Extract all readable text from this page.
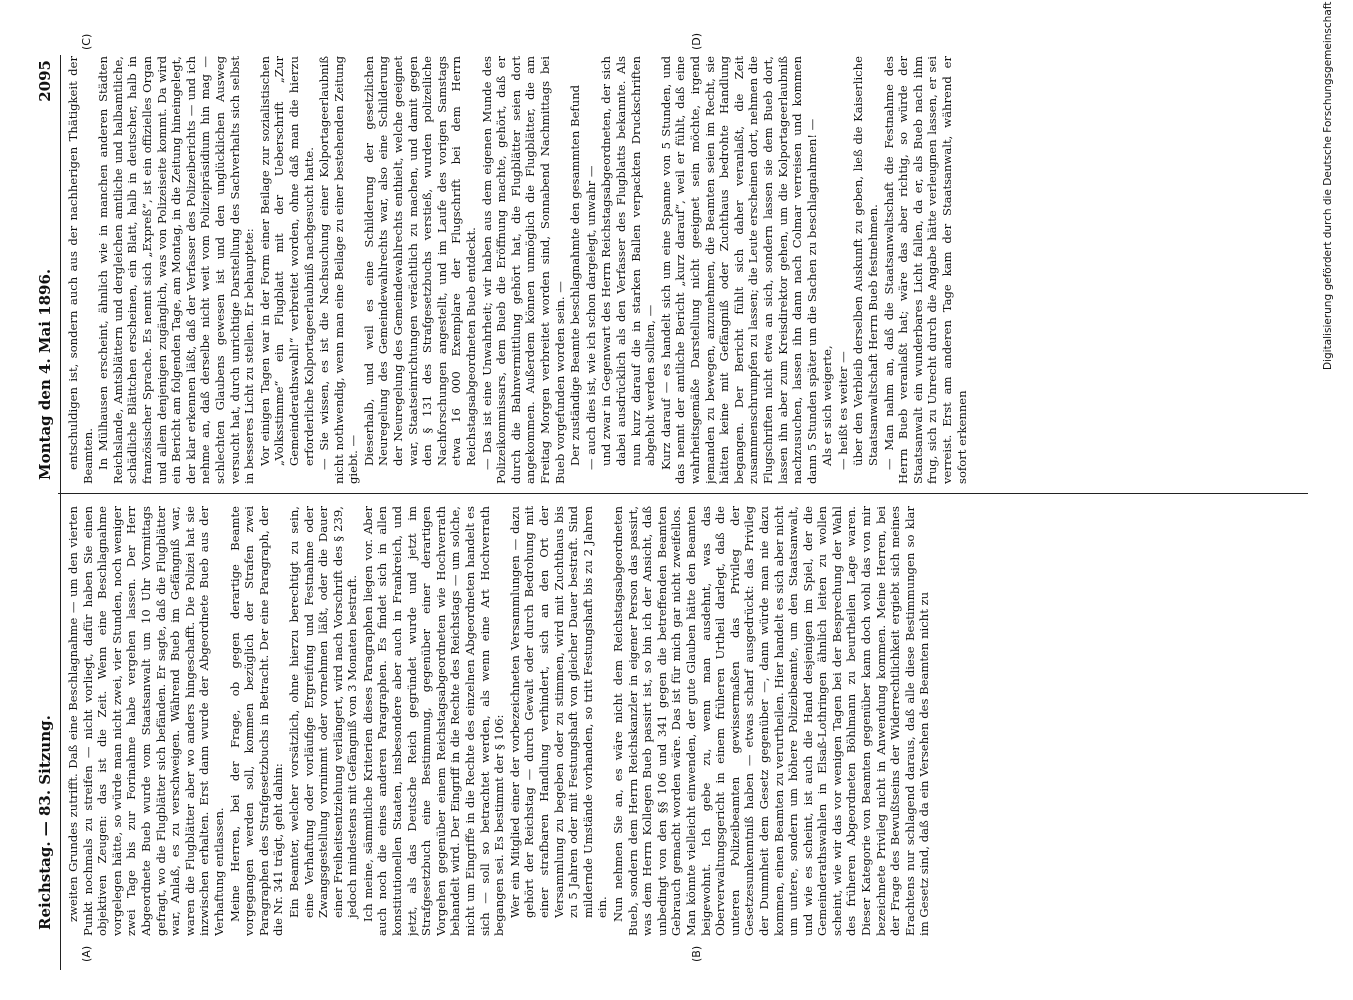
Reichstag. — 83. Sitzung.
Montag den 4. Mai 1896.
2095
(A)	(B)
(C)	(D)

zweiten Grundes zutrifft. Daß eine Beschlagnahme — um den vierten Punkt nochmals zu streifen — nicht vorliegt, dafür haben Sie einen objektiven Zeugen: das ist die Zeit. Wenn eine Beschlagnahme vorgelegen hätte, so würde man nicht zwei, vier Stunden, noch weniger zwei Tage bis zur Forinahme habe vergehen lassen. Der Herr Abgeordnete Bueb wurde vom Staatsanwalt um 10 Uhr Vormittags gefragt, wo die Flugblätter sich befänden. Er sagte, daß die Flugblätter war, Anlaß, es zu verschweigen. Während Bueb im Gefängniß war, waren die Flugblätter aber wo anders hingeschafft. Die Polizei hat sie inzwischen erhalten. Erst dann wurde der Abgeordnete Bueb aus der Verhaftung entlassen. Meine Herren, bei der Frage, ob gegen derartige Beamte vorgegangen werden soll, kommen bezüglich der Strafen zwei Paragraphen des Strafgesetzbuchs in Betracht. Der eine Paragraph, der die Nr. 341 trägt, geht dahin: Ein Beamter, welcher vorsätzlich, ohne hierzu berechtigt zu sein, eine Verhaftung oder vorläufige Ergreifung und Festnahme oder Zwangsgestellung vornimmt oder vornehmen läßt, oder die Dauer einer Freiheitsentziehung verlängert, wird nach Vorschrift des § 239, jedoch mindestens mit Gefängniß von 3 Monaten bestraft. Ich meine, sämmtliche Kriterien dieses Paragraphen liegen vor. Aber auch noch die eines anderen Paragraphen. Es findet sich in allen konstitutionellen Staaten, insbesondere aber auch in Frankreich, und jetzt, als das Deutsche Reich gegründet wurde und jetzt im Strafgesetzbuch eine Bestimmung, gegenüber einer derartigen Vorgehen gegenüber einem Reichstagsabgeordneten wie Hochverrath behandelt wird. Der Eingriff in die Rechte des Reichstags — um solche, nicht um Eingriffe in die Rechte des einzelnen Abgeordneten handelt es sich — soll so betrachtet werden, als wenn eine Art Hochverrath begangen sei. Es bestimmt der § 106: Wer ein Mitglied einer der vorbezeichneten Versammlungen — dazu gehört der Reichstag — durch Gewalt oder durch Bedrohung mit einer strafbaren Handlung verhindert, sich an den Ort der Versammlung zu begeben oder zu stimmen, wird mit Zuchthaus bis zu 5 Jahren oder mit Festungshaft von gleicher Dauer bestraft. Sind mildernde Umstände vorhanden, so tritt Festungshaft bis zu 2 Jahren ein. Nun nehmen Sie an, es wäre nicht dem Reichstagsabgeordneten Bueb, sondern dem Herrn Reichskanzler in eigener Person das passirt, was dem Herrn Kollegen Bueb passirt ist, so bin ich der Ansicht, daß unbedingt von den §§ 106 und 341 gegen die betreffenden Beamten Gebrauch gemacht worden wäre. Das ist für mich gar nicht zweifellos. Man könnte vielleicht einwenden, der gute Glauben hätte den Beamten beigewohnt. Ich gebe zu, wenn man ausdehnt, was das Oberverwaltungsgericht in einem früheren Urtheil darlegt, daß die unteren Polizeibeamten gewissermaßen das Privileg der Gesetzesunkenntniß haben — etwas scharf ausgedrückt: das Privileg der Dummheit dem Gesetz gegenüber —, dann würde man nie dazu kommen, einen Beamten zu verurtheilen. Hier handelt es sich aber nicht um untere, sondern um höhere Polizeibeamte, um den Staatsanwalt, und wie es scheint, ist auch die Hand desjenigen im Spiel, der die Gemeinderathswahlen in Elsaß-Lothringen ähnlich leiten zu wollen scheint, wie wir das vor wenigen Tagen bei der Besprechung der Wahl des früheren Abgeordneten Böhlmann zu beurtheilen Lage waren. Dieser Kategorie von Beamten gegenüber kann doch wohl das von mir bezeichnete Privileg nicht in Anwendung kommen. Meine Herren, bei der Frage des Bewußtseins der Widerrechtlichkeit ergiebt sich meines Erachtens nur schlagend daraus, daß alle diese Bestimmungen so klar im Gesetz sind, daß da ein Versehen des Beamten nicht zu

entschuldigen ist, sondern auch aus der nachherigen Thätigkeit der Beamten. In Mülhausen erscheint, ähnlich wie in manchen anderen Städten Reichslande, Amtsblättern und dergleichen amtliche und halbamtliche, schädliche Blättchen erscheinen, ein Blatt, halb in deutscher, halb in französischer Sprache. Es nennt sich „Expreß“, ist ein offizielles Organ und allem denjenigen zugänglich, was von Polizeiseite kommt. Da wird ein Bericht am folgenden Tage, am Montag, in die Zeitung hineingelegt, der klar erkennen läßt, daß der Verfasser des Polizeiberichts — und ich nehme an, daß derselbe nicht weit vom Polizeipräsidium hin mag — schlechten Glaubens gewesen ist und den unglücklichen Ausweg versucht hat, durch unrichtige Darstellung des Sachverhalts sich selbst in besseres Licht zu stellen. Er behauptete: Vor einigen Tagen war in der Form einer Beilage zur sozialistischen „Volksstimme“ ein Flugblatt mit der Ueberschrift „Zur Gemeinderathswahl!“ verbreitet worden, ohne daß man die hierzu erforderliche Kolportageerlaubniß nachgesucht hatte. — Sie wissen, es ist die Nachsuchung einer Kolportageerlaubniß nicht nothwendig, wenn man eine Beilage zu einer bestehenden Zeitung giebt. — Dieserhalb, und weil es eine Schilderung der gesetzlichen Neuregelung des Gemeindewahlrechts war, also eine Schilderung der Neuregelung des Gemeindewahlrechts enthielt, welche geeignet war, Staatseinrichtungen verächtlich zu machen, und damit gegen den § 131 des Strafgesetzbuchs verstieß, wurden polizeiliche Nachforschungen angestellt, und im Laufe des vorigen Samstags etwa 16 000 Exemplare der Flugschrift bei dem Herrn Reichstagsabgeordneten Bueb entdeckt. — Das ist eine Unwahrheit; wir haben aus dem eigenen Munde des Polizeikommissars, dem Bueb die Eröffnung machte, gehört, daß er durch die Bahnvermittlung gehört hat, die Flugblätter seien dort angekommen. Außerdem können unmöglich die Flugblätter, die am Freitag Morgen verbreitet worden sind, Sonnabend Nachmittags bei Bueb vorgefunden worden sein. — Der zuständige Beamte beschlagnahmte den gesammten Befund — auch dies ist, wie ich schon dargelegt, unwahr — und zwar in Gegenwart des Herrn Reichstagsabgeordneten, der sich dabei ausdrücklich als den Verfasser des Flugblatts bekannte. Als nun kurz darauf die in starken Ballen verpackten Druckschriften abgeholt werden sollten, — Kurz darauf — es handelt sich um eine Spanne von 5 Stunden, und das nennt der amtliche Bericht „kurz darauf“, weil er fühlt, daß eine wahrheitsgemäße Darstellung nicht geeignet sein möchte, irgend jemanden zu bewegen, anzunehmen, die Beamten seien im Recht, sie hätten keine mit Gefängniß oder Zuchthaus bedrohte Handlung begangen. Der Bericht fühlt sich daher veranlaßt, die Zeit zusammenschrumpfen zu lassen; die Leute erscheinen dort, nehmen die Flugschriften nicht etwa an sich, sondern lassen sie dem Bueb dort, lassen ihn aber zum Kreisdirektor gehen, um die Kolportageerlaubniß nachzusuchen, lassen ihn dann nach Colmar verreisen und kommen dann 5 Stunden später um die Sachen zu beschlagnahmen! — Als er sich weigerte, — heißt es weiter — über den Verbleib derselben Auskunft zu geben, ließ die Kaiserliche Staatsanwaltschaft Herrn Bueb festnehmen. — Man nahm an, daß die Staatsanwaltschaft die Festnahme des Herrn Bueb veranlaßt hat; wäre das aber richtig, so würde der Staatsanwalt ein wunderbares Licht fallen, da er, als Bueb nach ihm frug, sich zu Unrecht durch die Angabe hätte verleugnen lassen, er sei verreist. Erst am anderen Tage kam der Staatsanwalt, während er sofort erkennen

Digitalisierung gefördert durch die Deutsche Forschungsgemeinschaft
